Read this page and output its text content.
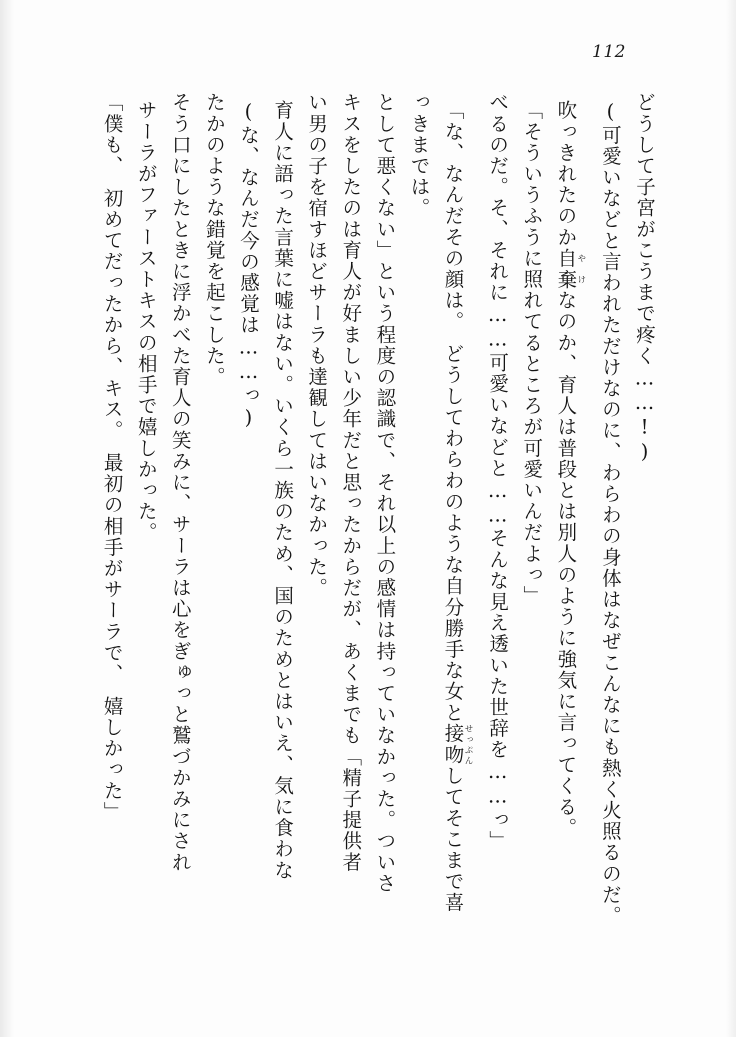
112
「僕も、　初めてだったから、キス。　最初の相手がサーラで、　嬉しかった」 サーラがファーストキスの相手で嬉しかった。 そう口にしたときに浮かべた育人の笑みに、サーラは心をぎゅっと鷲づかみにされ たかのような錯覚を起こした。 (な、なんだ今の感覚は……っ) 育人に語った言葉に嘘はない。いくら一族のため、国のためとはいえ、気に食わな い男の子を宿すほどサーラも達観してはいなかった。 キスをしたのは育人が好ましい少年だと思ったからだが、あくまでも「精子提供者 として悪くない」という程度の認識で、それ以上の感情は持っていなかった。ついさ っきまでは。 「な、なんだその顔は。　どうしてわらわのような自分勝手な女と接吻せっぷんしてそこまで喜	べるのだ。そ、それに……可愛いなどと……そんな見え透いた世辞を……っ」 「そういうふうに照れてるところが可愛いんだよっ」 吹っきれたのか自棄やけなのか、育人は普段とは別人のように強気に言ってくる。	(可愛いなどと言われただけなのに、わらわの身体はなぜこんなにも熱く火照るのだ。 どうして子宮がこうまで疼く……!)
